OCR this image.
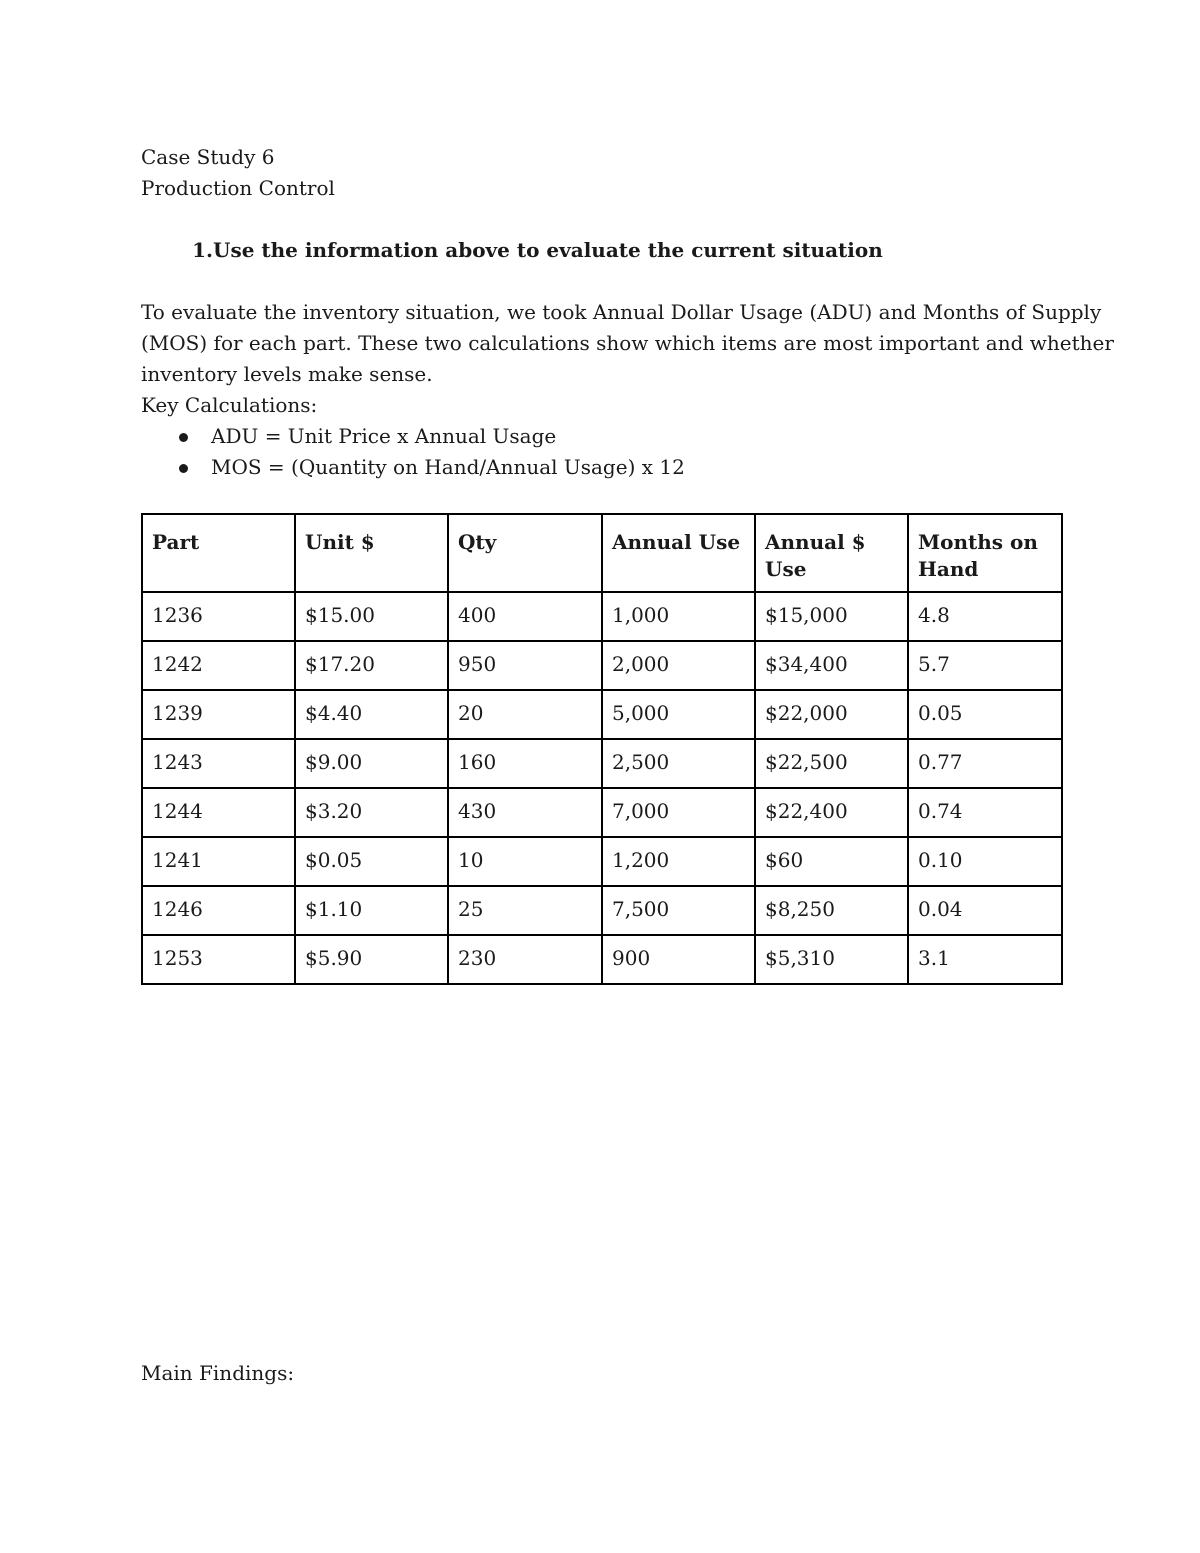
Case Study 6

Production Control

1. Use the information above to evaluate the current situation

To evaluate the inventory situation, we took Annual Dollar Usage (ADU) and Months of Supply

(MOS) for each part. These two calculations show which items are most important and whether

inventory levels make sense.

Key Calculations:

ADU = Unit Price x Annual Usage
MOS = (Quantity on Hand/Annual Usage) x 12
Part	Unit $	Qty	Annual Use	Annual $ Use	Months on Hand
1236	$15.00	400	1,000	$15,000	4.8
1242	$17.20	950	2,000	$34,400	5.7
1239	$4.40	20	5,000	$22,000	0.05
1243	$9.00	160	2,500	$22,500	0.77
1244	$3.20	430	7,000	$22,400	0.74
1241	$0.05	10	1,200	$60	0.10
1246	$1.10	25	7,500	$8,250	0.04
1253	$5.90	230	900	$5,310	3.1

Main Findings:
